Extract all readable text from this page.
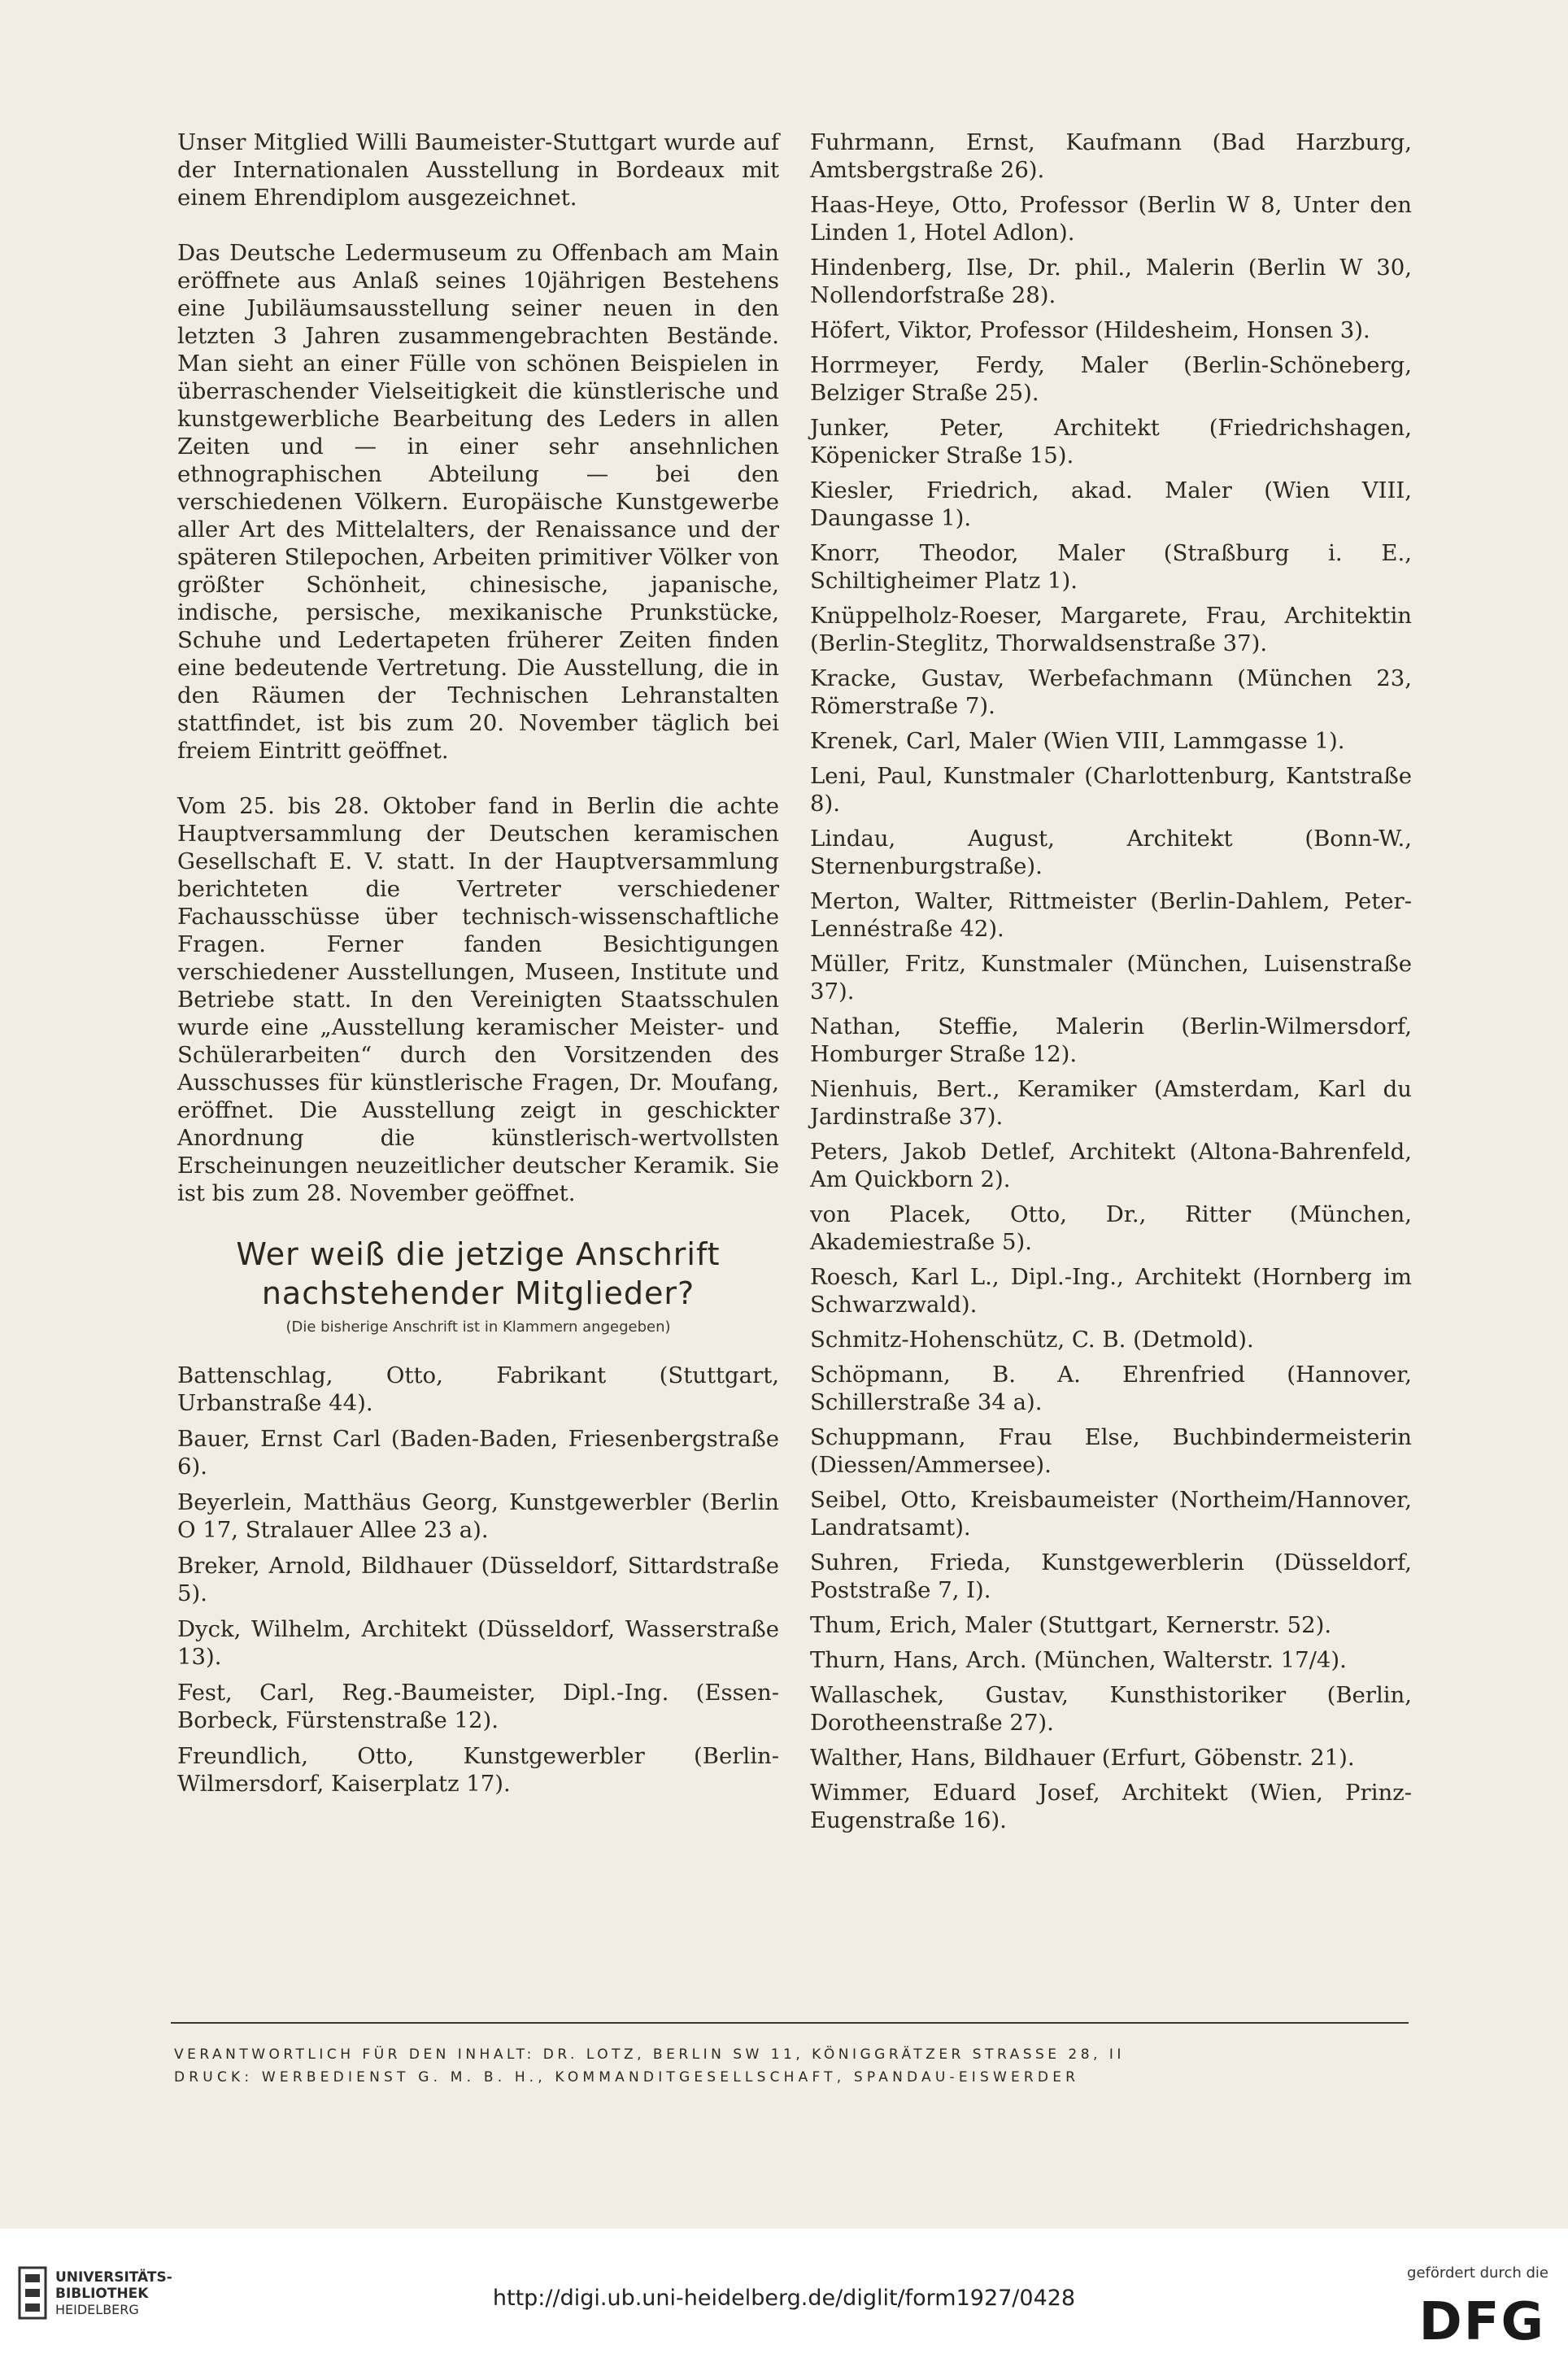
Unser Mitglied Willi Baumeister-Stuttgart wurde auf der Internationalen Ausstellung in Bordeaux mit einem Ehrendiplom ausgezeichnet.

Das Deutsche Ledermuseum zu Offenbach am Main eröffnete aus Anlaß seines 10jährigen Bestehens eine Jubiläumsausstellung seiner neuen in den letzten 3 Jahren zusammengebrachten Bestände. Man sieht an einer Fülle von schönen Beispielen in überraschender Vielseitigkeit die künstlerische und kunstgewerbliche Bearbeitung des Leders in allen Zeiten und — in einer sehr ansehnlichen ethnographischen Abteilung — bei den verschiedenen Völkern. Europäische Kunstgewerbe aller Art des Mittelalters, der Renaissance und der späteren Stilepochen, Arbeiten primitiver Völker von größter Schönheit, chinesische, japanische, indische, persische, mexikanische Prunkstücke, Schuhe und Ledertapeten früherer Zeiten finden eine bedeutende Vertretung. Die Ausstellung, die in den Räumen der Technischen Lehranstalten stattfindet, ist bis zum 20. November täglich bei freiem Eintritt geöffnet.

Vom 25. bis 28. Oktober fand in Berlin die achte Hauptversammlung der Deutschen keramischen Gesellschaft E. V. statt. In der Hauptversammlung berichteten die Vertreter verschiedener Fachausschüsse über technisch-wissenschaftliche Fragen. Ferner fanden Besichtigungen verschiedener Ausstellungen, Museen, Institute und Betriebe statt. In den Vereinigten Staatsschulen wurde eine „Ausstellung keramischer Meister- und Schülerarbeiten“ durch den Vorsitzenden des Ausschusses für künstlerische Fragen, Dr. Moufang, eröffnet. Die Ausstellung zeigt in geschickter Anordnung die künstlerisch-wertvollsten Erscheinungen neuzeitlicher deutscher Keramik. Sie ist bis zum 28. November geöffnet.

Wer weiß die jetzige Anschrift nachstehender Mitglieder?
(Die bisherige Anschrift ist in Klammern angegeben)

Battenschlag, Otto, Fabrikant (Stuttgart, Urbanstraße 44).

Bauer, Ernst Carl (Baden-Baden, Friesenbergstraße 6).

Beyerlein, Matthäus Georg, Kunstgewerbler (Berlin O 17, Stralauer Allee 23 a).

Breker, Arnold, Bildhauer (Düsseldorf, Sittardstraße 5).

Dyck, Wilhelm, Architekt (Düsseldorf, Wasserstraße 13).

Fest, Carl, Reg.-Baumeister, Dipl.-Ing. (Essen-Borbeck, Fürstenstraße 12).

Freundlich, Otto, Kunstgewerbler (Berlin-Wilmersdorf, Kaiserplatz 17).

Fuhrmann, Ernst, Kaufmann (Bad Harzburg, Amtsbergstraße 26).

Haas-Heye, Otto, Professor (Berlin W 8, Unter den Linden 1, Hotel Adlon).

Hindenberg, Ilse, Dr. phil., Malerin (Berlin W 30, Nollendorfstraße 28).

Höfert, Viktor, Professor (Hildesheim, Honsen 3).

Horrmeyer, Ferdy, Maler (Berlin-Schöneberg, Belziger Straße 25).

Junker, Peter, Architekt (Friedrichshagen, Köpenicker Straße 15).

Kiesler, Friedrich, akad. Maler (Wien VIII, Daungasse 1).

Knorr, Theodor, Maler (Straßburg i. E., Schiltigheimer Platz 1).

Knüppelholz-Roeser, Margarete, Frau, Architektin (Berlin-Steglitz, Thorwaldsenstraße 37).

Kracke, Gustav, Werbefachmann (München 23, Römerstraße 7).

Krenek, Carl, Maler (Wien VIII, Lammgasse 1).

Leni, Paul, Kunstmaler (Charlottenburg, Kantstraße 8).

Lindau, August, Architekt (Bonn-W., Sternenburgstraße).

Merton, Walter, Rittmeister (Berlin-Dahlem, Peter-Lennéstraße 42).

Müller, Fritz, Kunstmaler (München, Luisenstraße 37).

Nathan, Steffie, Malerin (Berlin-Wilmersdorf, Homburger Straße 12).

Nienhuis, Bert., Keramiker (Amsterdam, Karl du Jardinstraße 37).

Peters, Jakob Detlef, Architekt (Altona-Bahrenfeld, Am Quickborn 2).

von Placek, Otto, Dr., Ritter (München, Akademiestraße 5).

Roesch, Karl L., Dipl.-Ing., Architekt (Hornberg im Schwarzwald).

Schmitz-Hohenschütz, C. B. (Detmold).

Schöpmann, B. A. Ehrenfried (Hannover, Schillerstraße 34 a).

Schuppmann, Frau Else, Buchbindermeisterin (Diessen/Ammersee).

Seibel, Otto, Kreisbaumeister (Northeim/Hannover, Landratsamt).

Suhren, Frieda, Kunstgewerblerin (Düsseldorf, Poststraße 7, I).

Thum, Erich, Maler (Stuttgart, Kernerstr. 52).

Thurn, Hans, Arch. (München, Walterstr. 17/4).

Wallaschek, Gustav, Kunsthistoriker (Berlin, Dorotheenstraße 27).

Walther, Hans, Bildhauer (Erfurt, Göbenstr. 21).

Wimmer, Eduard Josef, Architekt (Wien, Prinz-Eugenstraße 16).

VERANTWORTLICH FÜR DEN INHALT: DR. LOTZ, BERLIN SW 11, KÖNIGGRÄTZER STRASSE 28, II
DRUCK: WERBEDIENST G. M. B. H., KOMMANDITGESELLSCHAFT, SPANDAU-EISWERDER
UNIVERSITÄTS-
BIBLIOTHEK
HEIDELBERG	http://digi.ub.uni-heidelberg.de/diglit/form1927/0428
gefördert durch die
DFG
